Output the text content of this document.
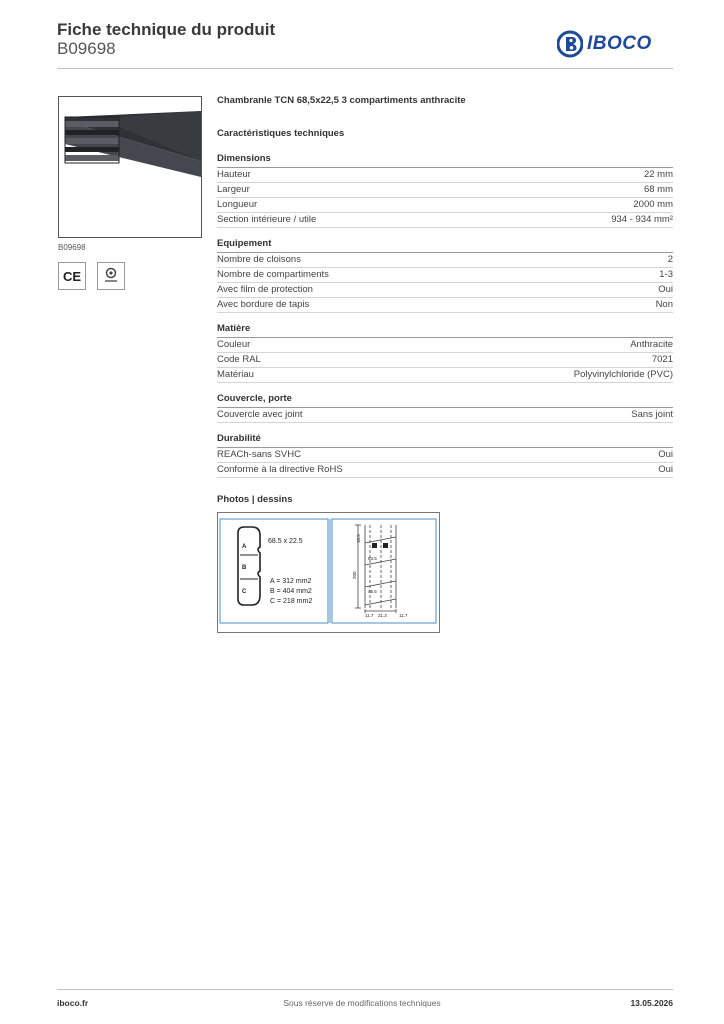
Fiche technique du produit
B09698	IBOCO
B09698
CE
Chambranle TCN 68,5x22,5 3 compartiments anthracite
Caractéristiques techniques
Dimensions
Hauteur	22 mm
Largeur	68 mm
Longueur	2000 mm
Section intérieure / utile	934 - 934 mm²
Equipement
Nombre de cloisons	2
Nombre de compartiments	1-3
Avec film de protection	Oui
Avec bordure de tapis	Non
Matière
Couleur	Anthracite
Code RAL	7021
Matériau	Polyvinylchloride (PVC)
Couvercle, porte
Couvercle avec joint	Sans joint
Durabilité
REACh-sans SVHC	Oui
Conforme à la directive RoHS	Oui
Photos | dessins
A
B
C
68.5 x 22.5
A = 312 mm2
B = 404 mm2
C = 218 mm2
18.5
63.5
200
45.5
11.7 21.3	11.7
Sous réserve de modifications techniques
iboco.fr	13.05.2026
